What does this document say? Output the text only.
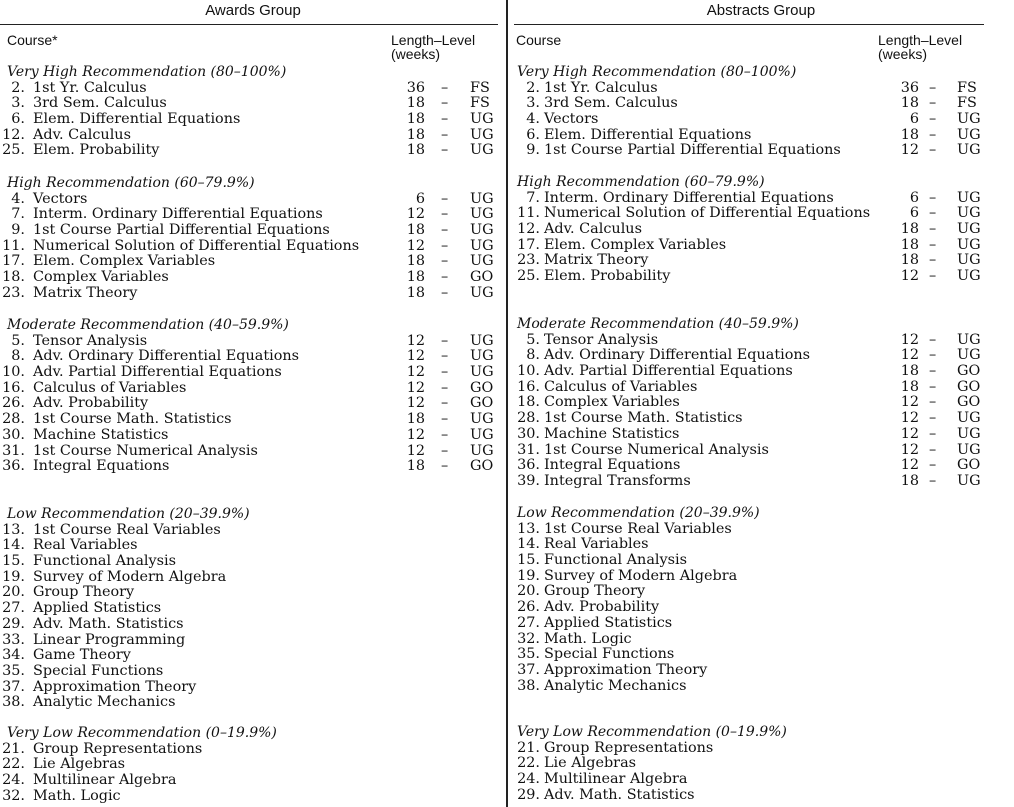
Awards Group
Course*	Length–Level
(weeks)
Very High Recommendation (80–100%)
2. 1st Yr. Calculus	36 – FS
3. 3rd Sem. Calculus	18 – FS
6. Elem. Differential Equations	18 – UG
12. Adv. Calculus	18 – UG
25. Elem. Probability	18 – UG
High Recommendation (60–79.9%)
4. Vectors	6 – UG
7. Interm. Ordinary Differential Equations	12 – UG
9. 1st Course Partial Differential Equations	18 – UG
11. Numerical Solution of Differential Equations	12 – UG
17. Elem. Complex Variables	18 – UG
18. Complex Variables	18 – GO
23. Matrix Theory	18 – UG
Moderate Recommendation (40–59.9%)
5. Tensor Analysis	12 – UG
8. Adv. Ordinary Differential Equations	12 – UG
10. Adv. Partial Differential Equations	12 – UG
16. Calculus of Variables	12 – GO
26. Adv. Probability	12 – GO
28. 1st Course Math. Statistics	18 – UG
30. Machine Statistics	12 – UG
31. 1st Course Numerical Analysis	12 – UG
36. Integral Equations	18 – GO
Low Recommendation (20–39.9%)
13. 1st Course Real Variables
14. Real Variables
15. Functional Analysis
19. Survey of Modern Algebra
20. Group Theory
27. Applied Statistics
29. Adv. Math. Statistics
33. Linear Programming
34. Game Theory
35. Special Functions
37. Approximation Theory
38. Analytic Mechanics
Very Low Recommendation (0–19.9%)
21. Group Representations
22. Lie Algebras
24. Multilinear Algebra
32. Math. Logic
Abstracts Group
Course	Length–Level
(weeks)
Very High Recommendation (80–100%)
2. 1st Yr. Calculus	36 – FS
3. 3rd Sem. Calculus	18 – FS
4. Vectors	6 – UG
6. Elem. Differential Equations	18 – UG
9. 1st Course Partial Differential Equations	12 – UG
High Recommendation (60–79.9%)
7. Interm. Ordinary Differential Equations	6 – UG
11. Numerical Solution of Differential Equations	6 – UG
12. Adv. Calculus	18 – UG
17. Elem. Complex Variables	18 – UG
23. Matrix Theory	18 – UG
25. Elem. Probability	12 – UG
Moderate Recommendation (40–59.9%)
5. Tensor Analysis	12 – UG
8. Adv. Ordinary Differential Equations	12 – UG
10. Adv. Partial Differential Equations	18 – GO
16. Calculus of Variables	18 – GO
18. Complex Variables	12 – GO
28. 1st Course Math. Statistics	12 – UG
30. Machine Statistics	12 – UG
31. 1st Course Numerical Analysis	12 – UG
36. Integral Equations	12 – GO
39. Integral Transforms	18 – UG
Low Recommendation (20–39.9%)
13. 1st Course Real Variables
14. Real Variables
15. Functional Analysis
19. Survey of Modern Algebra
20. Group Theory
26. Adv. Probability
27. Applied Statistics
32. Math. Logic
35. Special Functions
37. Approximation Theory
38. Analytic Mechanics
Very Low Recommendation (0–19.9%)
21. Group Representations
22. Lie Algebras
24. Multilinear Algebra
29. Adv. Math. Statistics
